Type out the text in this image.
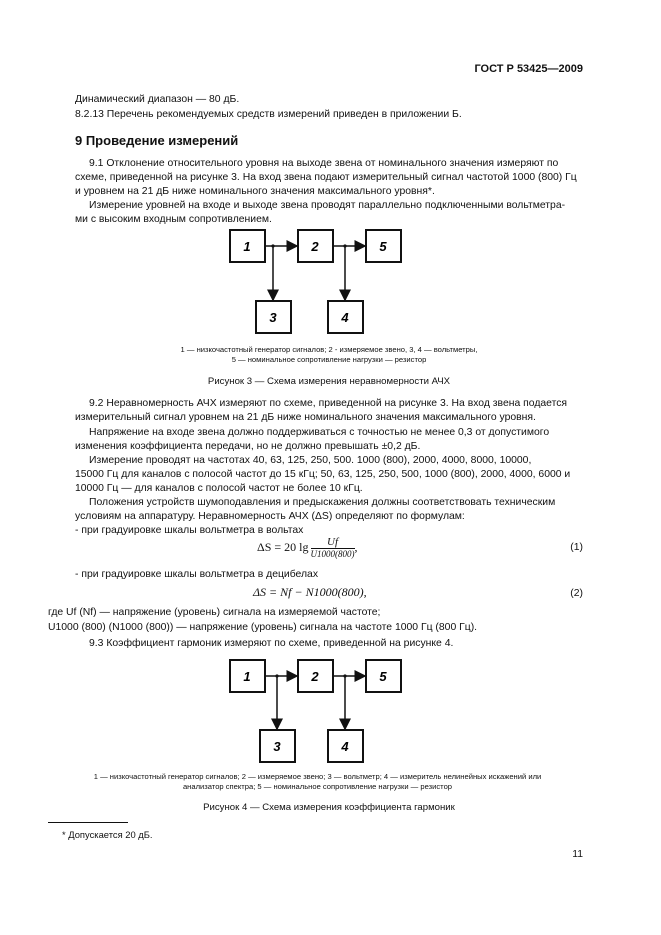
ГОСТ Р 53425—2009
Динамический диапазон — 80 дБ.
8.2.13 Перечень рекомендуемых средств измерений приведен в приложении Б.
9 Проведение измерений
9.1 Отклонение относительного уровня на выходе звена от номинального значения измеряют по
схеме, приведенной на рисунке 3. На вход звена подают измерительный сигнал частотой 1000 (800) Гц
и уровнем на 21 дБ ниже номинального значения максимального уровня*.
Измерение уровней на входе и выходе звена проводят параллельно подключенными вольтметра-
ми с высоким входным сопротивлением.
1	2	5
3	4
1 — низкочастотный генератор сигналов; 2 - измеряемое звено, 3, 4 — вольтметры,
5 — номинальное сопротивление нагрузки — резистор
Рисунок 3 — Схема измерения неравномерности АЧХ
9.2 Неравномерность АЧХ измеряют по схеме, приведенной на рисунке 3. На вход звена подается
измерительный сигнал уровнем на 21 дБ ниже номинального значения максимального уровня.
Напряжение на входе звена должно поддерживаться с точностью не менее 0,3 от допустимого
изменения коэффициента передачи, но не должно превышать ±0,2 дБ.
Измерение проводят на частотах 40, 63, 125, 250, 500. 1000 (800), 2000, 4000, 8000, 10000,
15000 Гц для каналов с полосой частот до 15 кГц; 50, 63, 125, 250, 500, 1000 (800), 2000, 4000, 6000 и
10000 Гц — для каналов с полосой частот не более 10 кГц.
Положения устройств шумоподавления и предыскажения должны соответствовать техническим
условиям на аппаратуру. Неравномерность АЧХ (ΔS) определяют по формулам:
- при градуировке шкалы вольтметра в вольтах
ΔS = 20 $\lg \frac{Uf}{U1000(800)}$ ,	(1)
- при градуировке шкалы вольтметра в децибелах
ΔS = Nf − N1000(800),	(2)
где Uf (Nf) — напряжение (уровень) сигнала на измеряемой частоте;
U1000 (800) (N1000 (800)) — напряжение (уровень) сигнала на частоте 1000 Гц (800 Гц).
9.3 Коэффициент гармоник измеряют по схеме, приведенной на рисунке 4.
1	2	5
3	4
1 — низкочастотный генератор сигналов; 2 — измеряемое звено; 3 — вольтметр; 4 — измеритель нелинейных искажений или
анализатор спектра; 5 — номинальное сопротивление нагрузки — резистор
Рисунок 4 — Схема измерения коэффициента гармоник
* Допускается 20 дБ.
11
